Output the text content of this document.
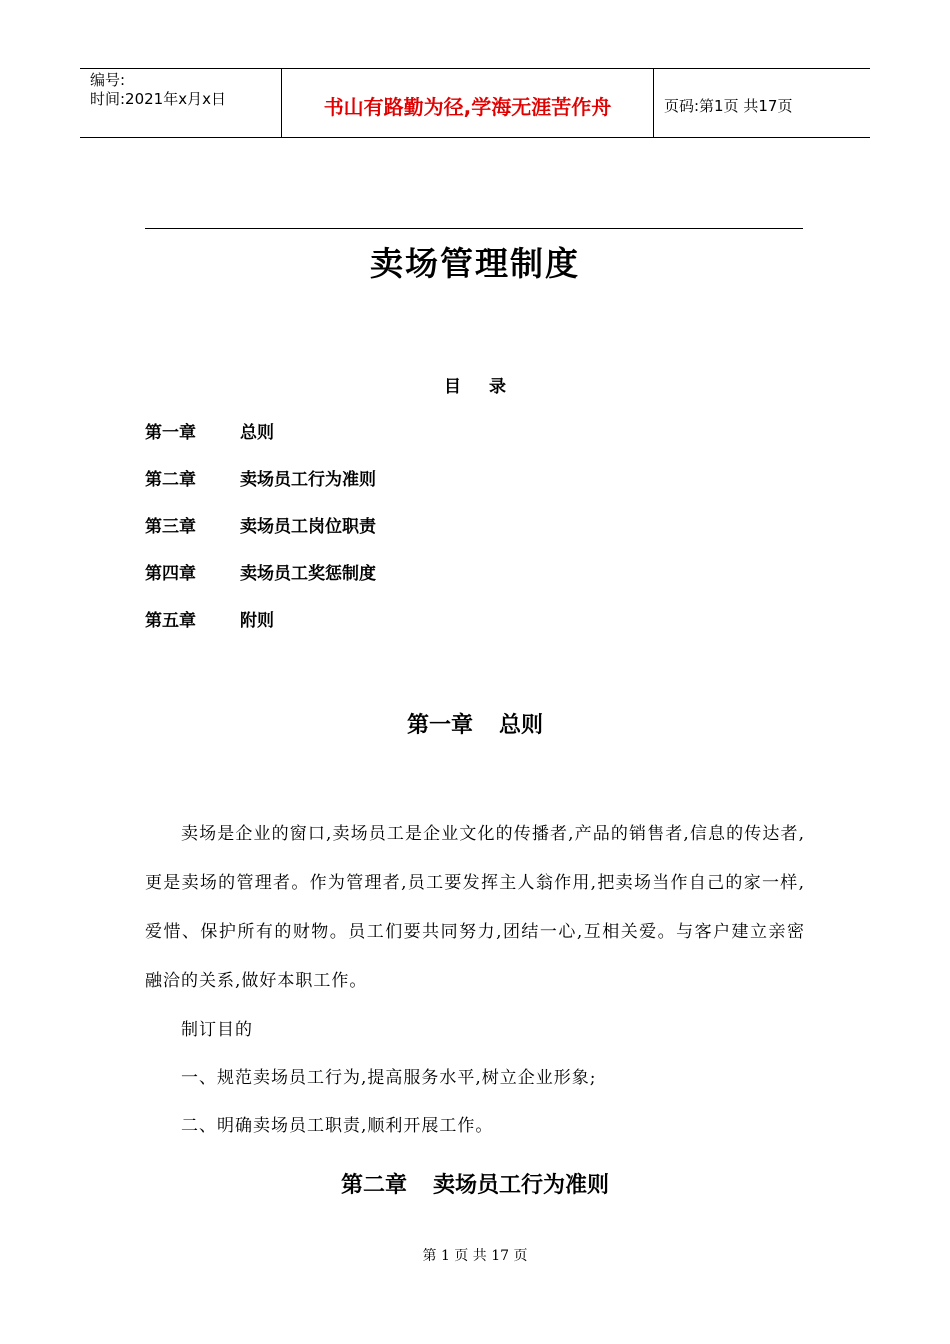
编号:
时间:2021年x月x日	书山有路勤为径,学海无涯苦作舟	页码:第1页 共17页
卖场管理制度
目 录
第一章	总则
第二章	卖场员工行为准则
第三章	卖场员工岗位职责
第四章	卖场员工奖惩制度
第五章	附则
第一章 总则

卖场是企业的窗口,卖场员工是企业文化的传播者,产品的销售者,信息的传达者,更是卖场的管理者。作为管理者,员工要发挥主人翁作用,把卖场当作自己的家一样,爱惜、保护所有的财物。员工们要共同努力,团结一心,互相关爱。与客户建立亲密融洽的关系,做好本职工作。

制订目的

一、规范卖场员工行为,提高服务水平,树立企业形象;

二、明确卖场员工职责,顺利开展工作。

第二章 卖场员工行为准则
第 1 页 共 17 页
